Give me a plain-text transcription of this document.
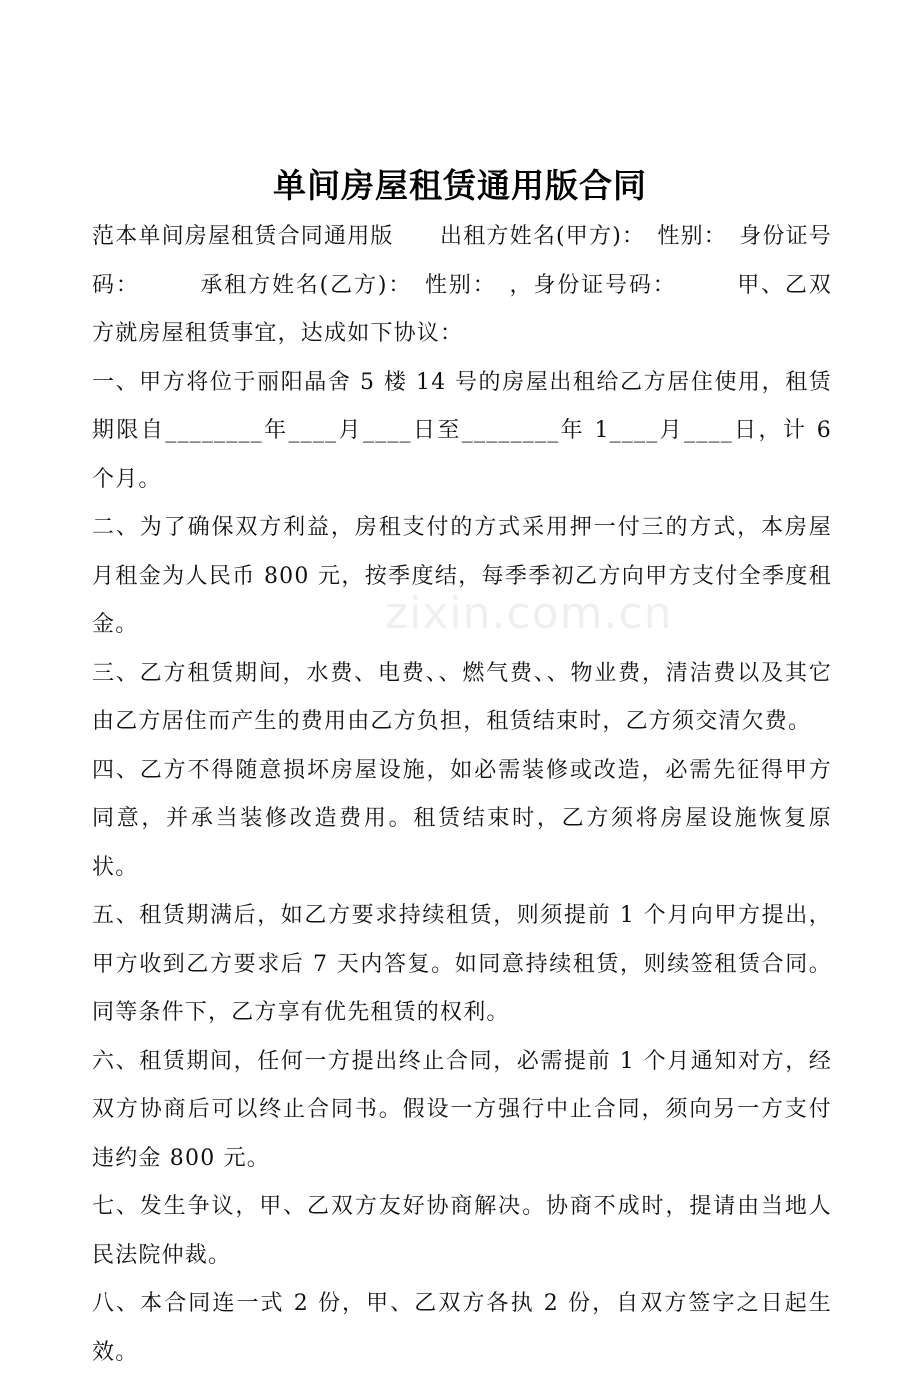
单间房屋租赁通用版合同

范本单间房屋租赁合同通用版　　出租方姓名(甲方)：　性别：　身份证号码：　　　承租方姓名(乙方)：　性别：　，身份证号码：　　　甲、乙双方就房屋租赁事宜，达成如下协议：

一、甲方将位于丽阳晶舍 5 楼 14 号的房屋出租给乙方居住使用，租赁期限自________年____月____日至________年 1____月____日，计 6 个月。

二、为了确保双方利益，房租支付的方式采用押一付三的方式，本房屋月租金为人民币 800 元，按季度结，每季季初乙方向甲方支付全季度租金。

三、乙方租赁期间，水费、电费、、燃气费、、物业费，清洁费以及其它由乙方居住而产生的费用由乙方负担，租赁结束时，乙方须交清欠费。

四、乙方不得随意损坏房屋设施，如必需装修或改造，必需先征得甲方同意，并承当装修改造费用。租赁结束时，乙方须将房屋设施恢复原状。

五、租赁期满后，如乙方要求持续租赁，则须提前 1 个月向甲方提出，甲方收到乙方要求后 7 天内答复。如同意持续租赁，则续签租赁合同。同等条件下，乙方享有优先租赁的权利。

六、租赁期间，任何一方提出终止合同，必需提前 1 个月通知对方，经双方协商后可以终止合同书。假设一方强行中止合同，须向另一方支付违约金 800 元。

七、发生争议，甲、乙双方友好协商解决。协商不成时，提请由当地人民法院仲裁。

八、本合同连一式 2 份，甲、乙双方各执 2 份，自双方签字之日起生效。

zixin.com.cn
